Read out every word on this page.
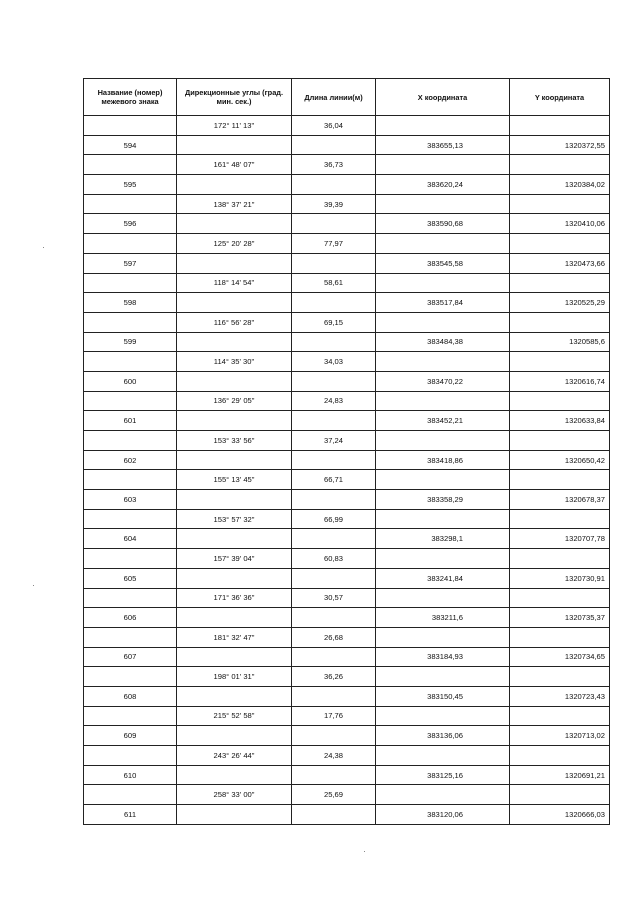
Название (номер) межевого знака	Дирекционные углы (град. мин. сек.)	Длина линии(м)	X координата	Y координата
	172° 11' 13"	36,04		
594			383655,13	1320372,55
	161° 48' 07"	36,73		
595			383620,24	1320384,02
	138° 37' 21"	39,39		
596			383590,68	1320410,06
	125° 20' 28"	77,97		
597			383545,58	1320473,66
	118° 14' 54"	58,61		
598			383517,84	1320525,29
	116° 56' 28"	69,15		
599			383484,38	1320585,6
	114° 35' 30"	34,03		
600			383470,22	1320616,74
	136° 29' 05"	24,83		
601			383452,21	1320633,84
	153° 33' 56"	37,24		
602			383418,86	1320650,42
	155° 13' 45"	66,71		
603			383358,29	1320678,37
	153° 57' 32"	66,99		
604			383298,1	1320707,78
	157° 39' 04"	60,83		
605			383241,84	1320730,91
	171° 36' 36"	30,57		
606			383211,6	1320735,37
	181° 32' 47"	26,68		
607			383184,93	1320734,65
	198° 01' 31"	36,26		
608			383150,45	1320723,43
	215° 52' 58"	17,76		
609			383136,06	1320713,02
	243° 26' 44"	24,38		
610			383125,16	1320691,21
	258° 33' 00"	25,69		
611			383120,06	1320666,03
